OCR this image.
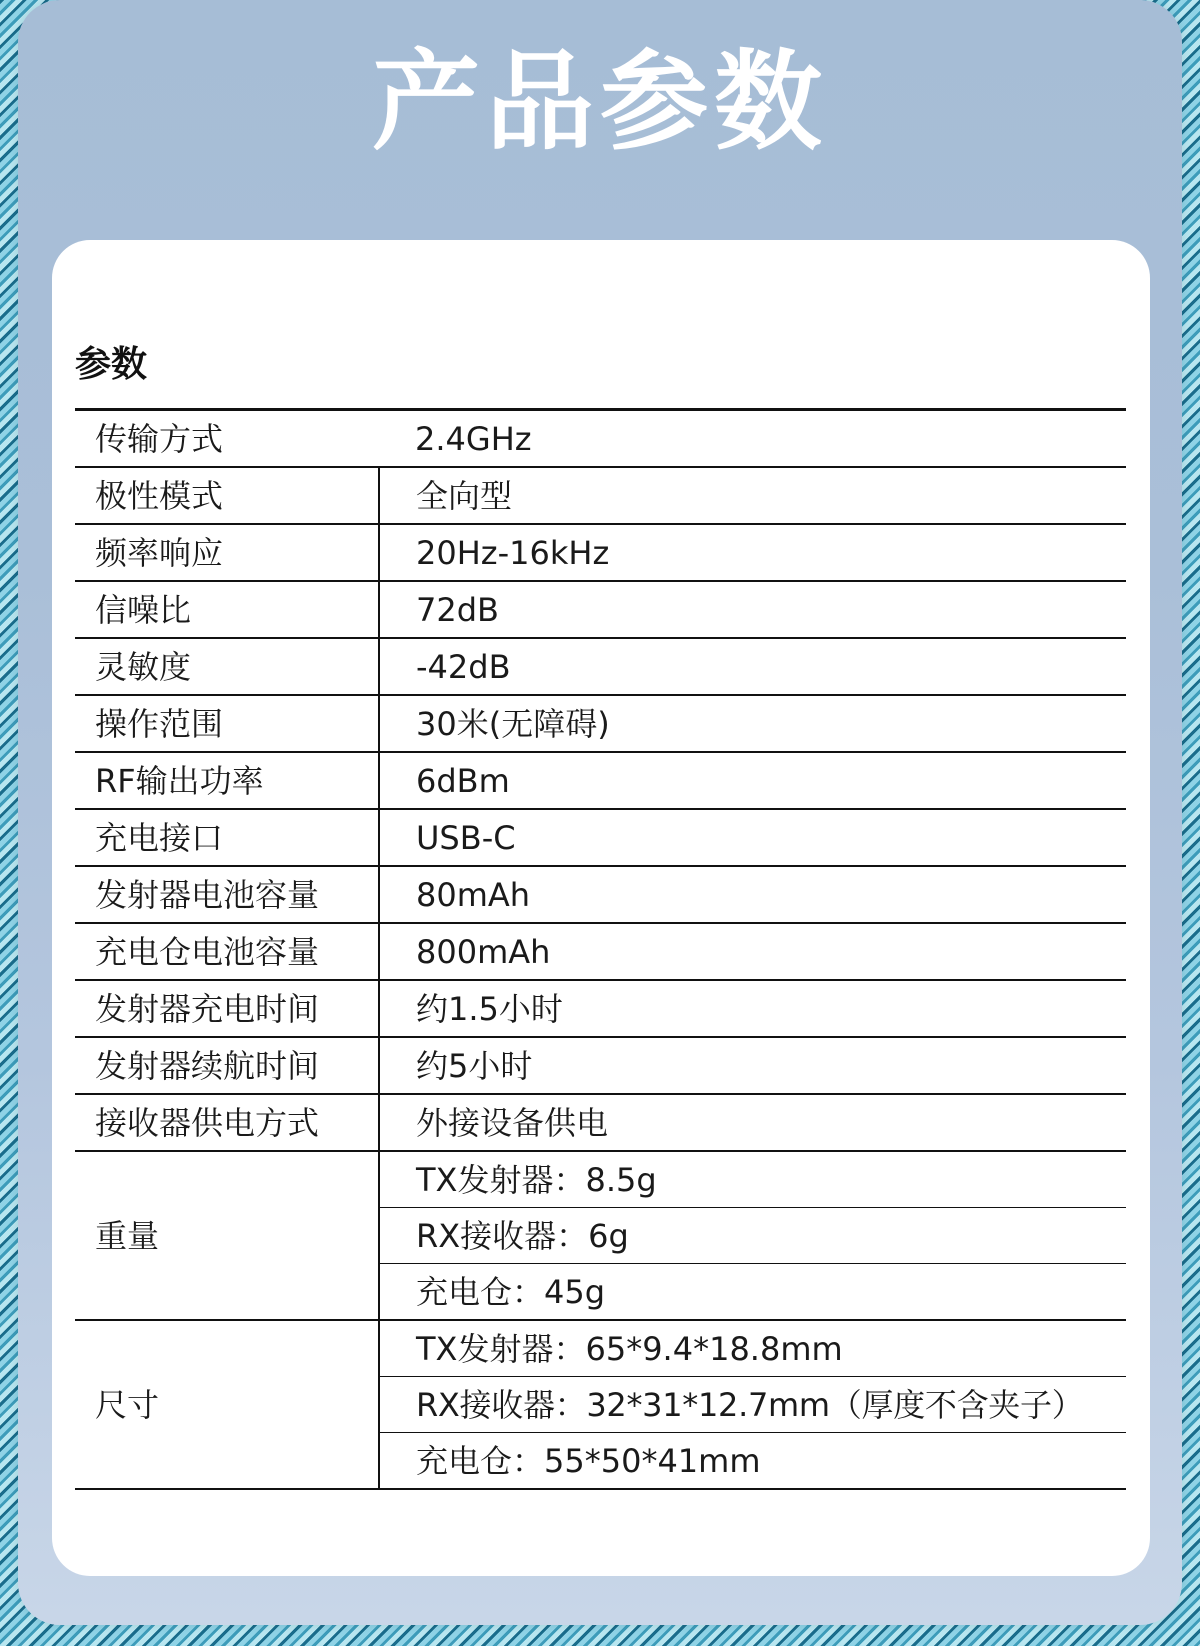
产品参数
参数
传输方式	2.4GHz
极性模式	全向型
频率响应	20Hz-16kHz
信噪比	72dB
灵敏度	-42dB
操作范围	30米(无障碍)
RF输出功率	6dBm
充电接口	USB-C
发射器电池容量	80mAh
充电仓电池容量	800mAh
发射器充电时间	约1.5小时
发射器续航时间	约5小时
接收器供电方式	外接设备供电
重量	TX发射器：8.5g
	RX接收器：6g
	充电仓：45g
尺寸	TX发射器：65*9.4*18.8mm
	RX接收器：32*31*12.7mm（厚度不含夹子）
	充电仓：55*50*41mm
